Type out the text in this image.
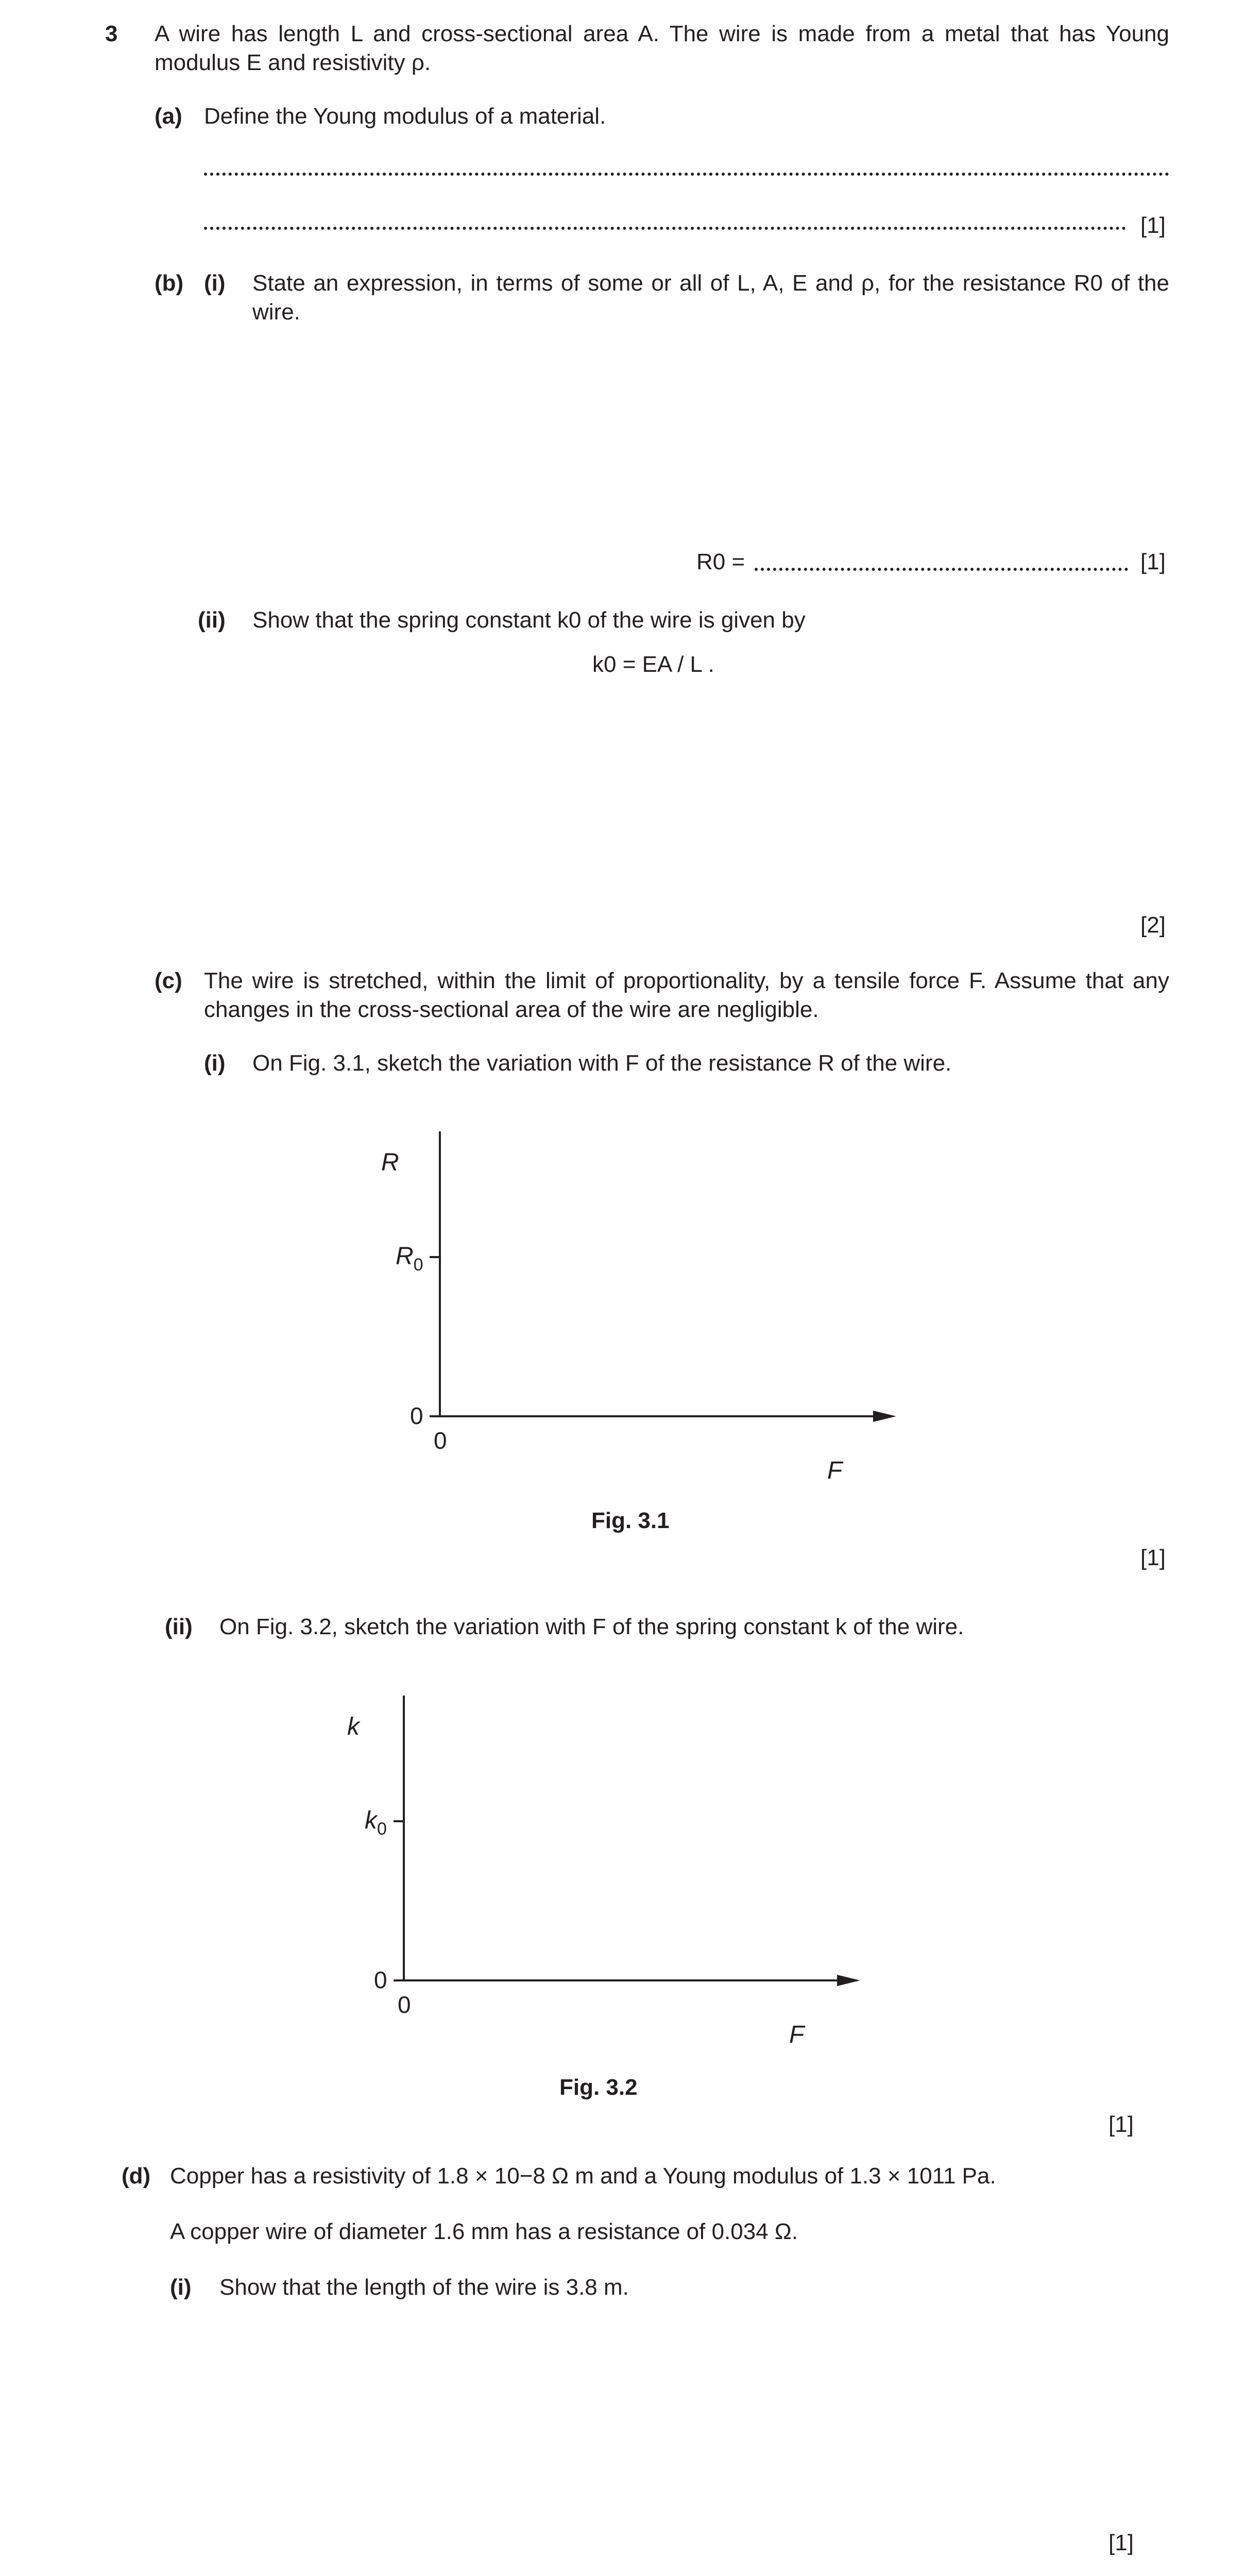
3 A wire has length L and cross-sectional area A. The wire is made from a metal that has Young modulus E and resistivity ρ.
(a) Define the Young modulus of a material.
[1]
(b) (i) State an expression, in terms of some or all of L, A, E and ρ, for the resistance R0 of the wire.
R0 =	[1]
(ii) Show that the spring constant k0 of the wire is given by
k0 = EA / L .
[2]
(c) The wire is stretched, within the limit of proportionality, by a tensile force F. Assume that any changes in the cross-sectional area of the wire are negligible.
(i) On Fig. 3.1, sketch the variation with F of the resistance R of the wire.
R
$R_0$
0
0
F
Fig. 3.1
[1]
(ii) On Fig. 3.2, sketch the variation with F of the spring constant k of the wire.
k
$k_0$
0
0
F
Fig. 3.2
[1]
(d) Copper has a resistivity of 1.8 × 10−8 Ω m and a Young modulus of 1.3 × 1011 Pa.
A copper wire of diameter 1.6 mm has a resistance of 0.034 Ω.
(i) Show that the length of the wire is 3.8 m.
[1]
